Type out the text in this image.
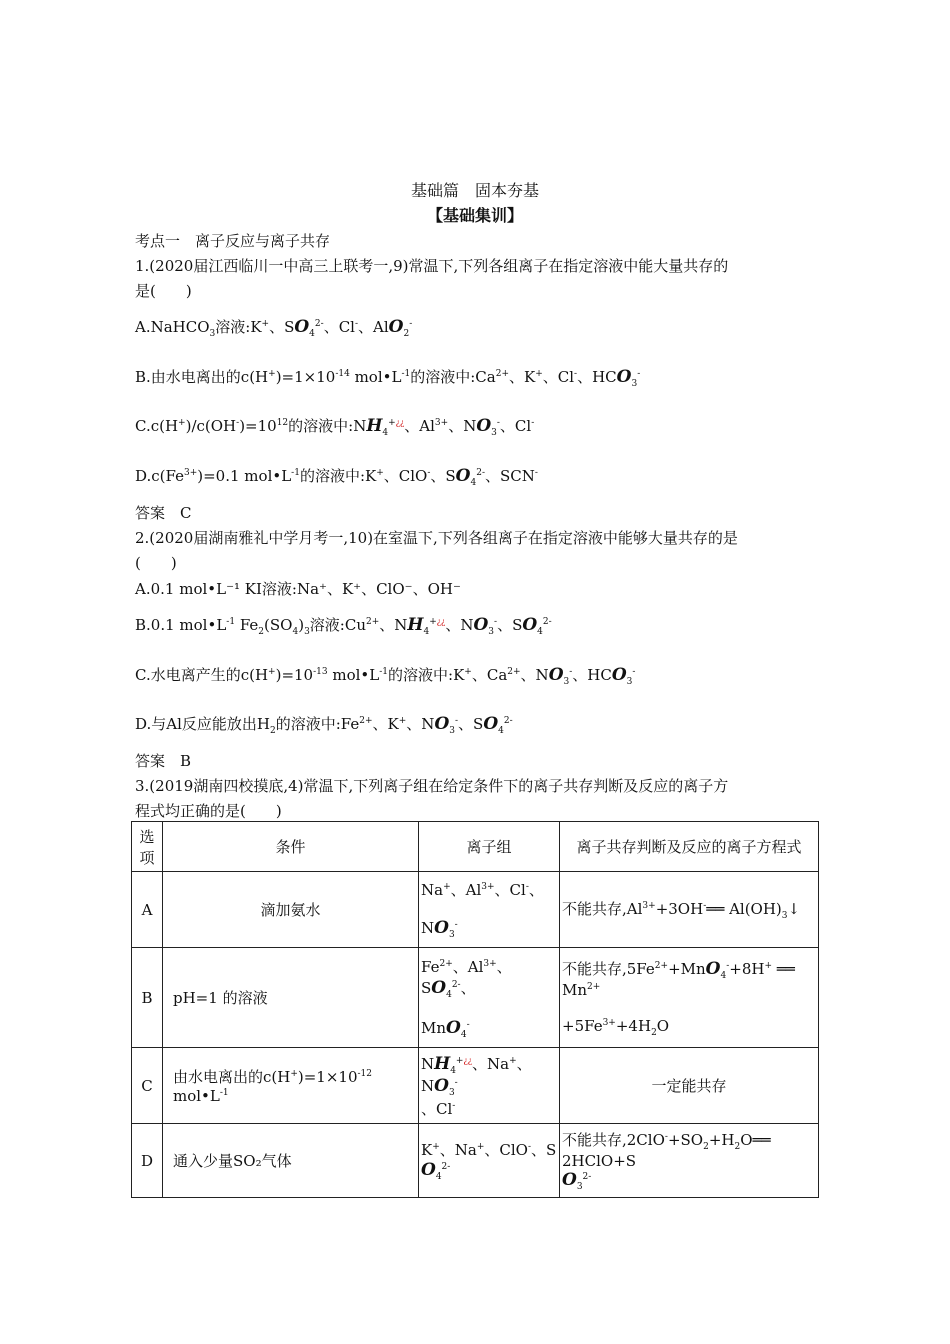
基础篇　固本夯基
【基础集训】
考点一　离子反应与离子共存
1.(2020届江西临川一中高三上联考一,9)常温下,下列各组离子在指定溶液中能大量共存的
是(　　)
A.NaHCO$_3$溶液:K+、$SO_4^{2-}$、Cl-、AlO$_2$-
B.由水电离出的$c(H^+)=1\times 10^{-14}$ $mol•L^{-1}$的溶液中$:Ca^{2+}$、K+、Cl-、$HCO_3^-$
$C.c(H^+)/c(OH^-)=10^{12}$的溶液中$:NH_4^{+¿¿}$、$Al^{3+}$、$NO_3^-$、Cl-
$D.c(Fe^{3+})=0.1$ $mol•L^{-1}$的溶液中:K+、ClO-、$SO_4^{2-}$、SCN-
答案　C
2.(2020届湖南雅礼中学月考一,10)在室温下,下列各组离子在指定溶液中能够大量共存的是
(　　)
A.0.1 mol•L⁻¹ KI溶液:Na⁺、K⁺、ClO⁻、OH⁻
B.0.1 $mol•L^{-1}$ $Fe_2(SO_4)_3$溶液$:Cu^{2+}$、$NH_4^{+¿¿}$、$NO_3^-$、$SO_4^{2-}$
C.水电离产生的$c(H^+)=10^{-13}$ $mol•L^{-1}$的溶液中:K+、$Ca^{2+}$、$NO_3^-$、$HCO_3^-$
D.与Al反应能放出$H_2$的溶液中$:Fe^{2+}$、K+、$NO_3^-$、$SO_4^{2-}$
答案　B
3.(2019湖南四校摸底,4)常温下,下列离子组在给定条件下的离子共存判断及反应的离子方
程式均正确的是(　　)
选项	条件	离子组	离子共存判断及反应的离子方程式
A	滴加氨水	Na+、$Al^{3+}$、Cl-、

$NO_3^-$	不能共存$,Al^{3+}+3OH^-══$ $Al(OH)_3↓$
B	pH=1 的溶液	$Fe^{2+}$、$Al^{3+}$、$SO_4^{2-}$、

MnO$_4$-	不能共存$,5Fe^{2+}+MnO_4^-+8H^+$ ══ $Mn^{2+}$

$+5Fe^{3+}+4H_2O$
C	由水电离出的$c(H^+)=1\times 10^{-12}$
$mol•L^{-1}$	$NH_4^{+¿¿}$、Na+、$NO_3^-$
、Cl-	一定能共存
D	通入少量SO₂气体	K+、Na+、ClO-、S
$O_4^{2-}$	不能共存$,2ClO^-+SO_2+H_2O══$ 2HClO+S
$O_3^{2-}$
